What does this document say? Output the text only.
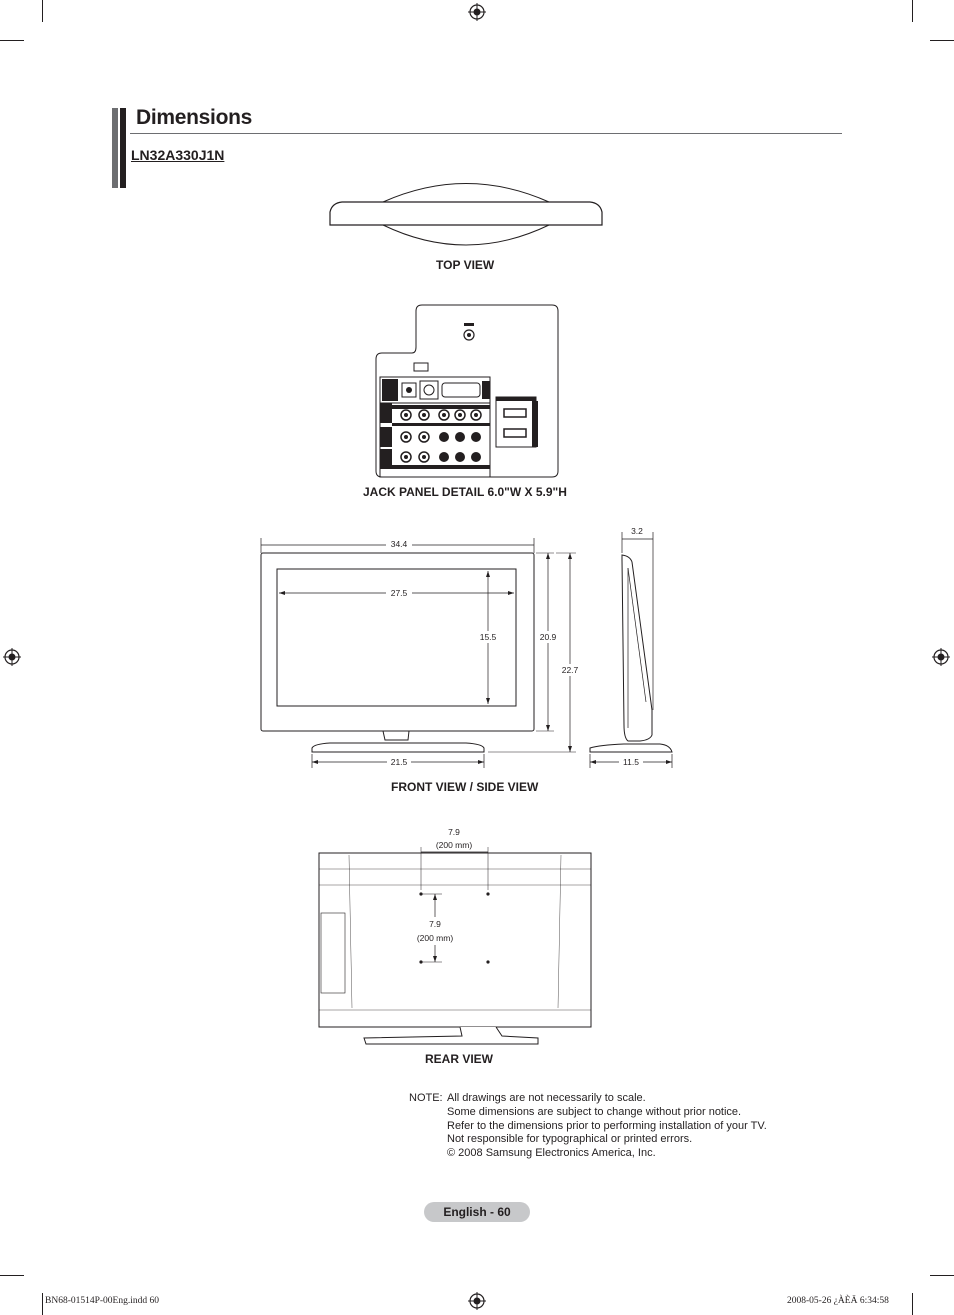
Dimensions
LN32A330J1N
TOP VIEW
JACK PANEL DETAIL 6.0"W X 5.9"H
34.4
27.5
15.5	20.9
22.7
21.5
3.2
11.5
7.9
(200 mm)
7.9
(200 mm)
FRONT VIEW / SIDE VIEW
REAR VIEW
NOTE: All drawings are not necessarily to scale.
Some dimensions are subject to change without prior notice.
Refer to the dimensions prior to performing installation of your TV.
Not responsible for typographical or printed errors.
© 2008 Samsung Electronics America, Inc.
English - 60
BN68-01514P-00Eng.indd 60	2008-05-26 ¿ÀÈÄ 6:34:58
